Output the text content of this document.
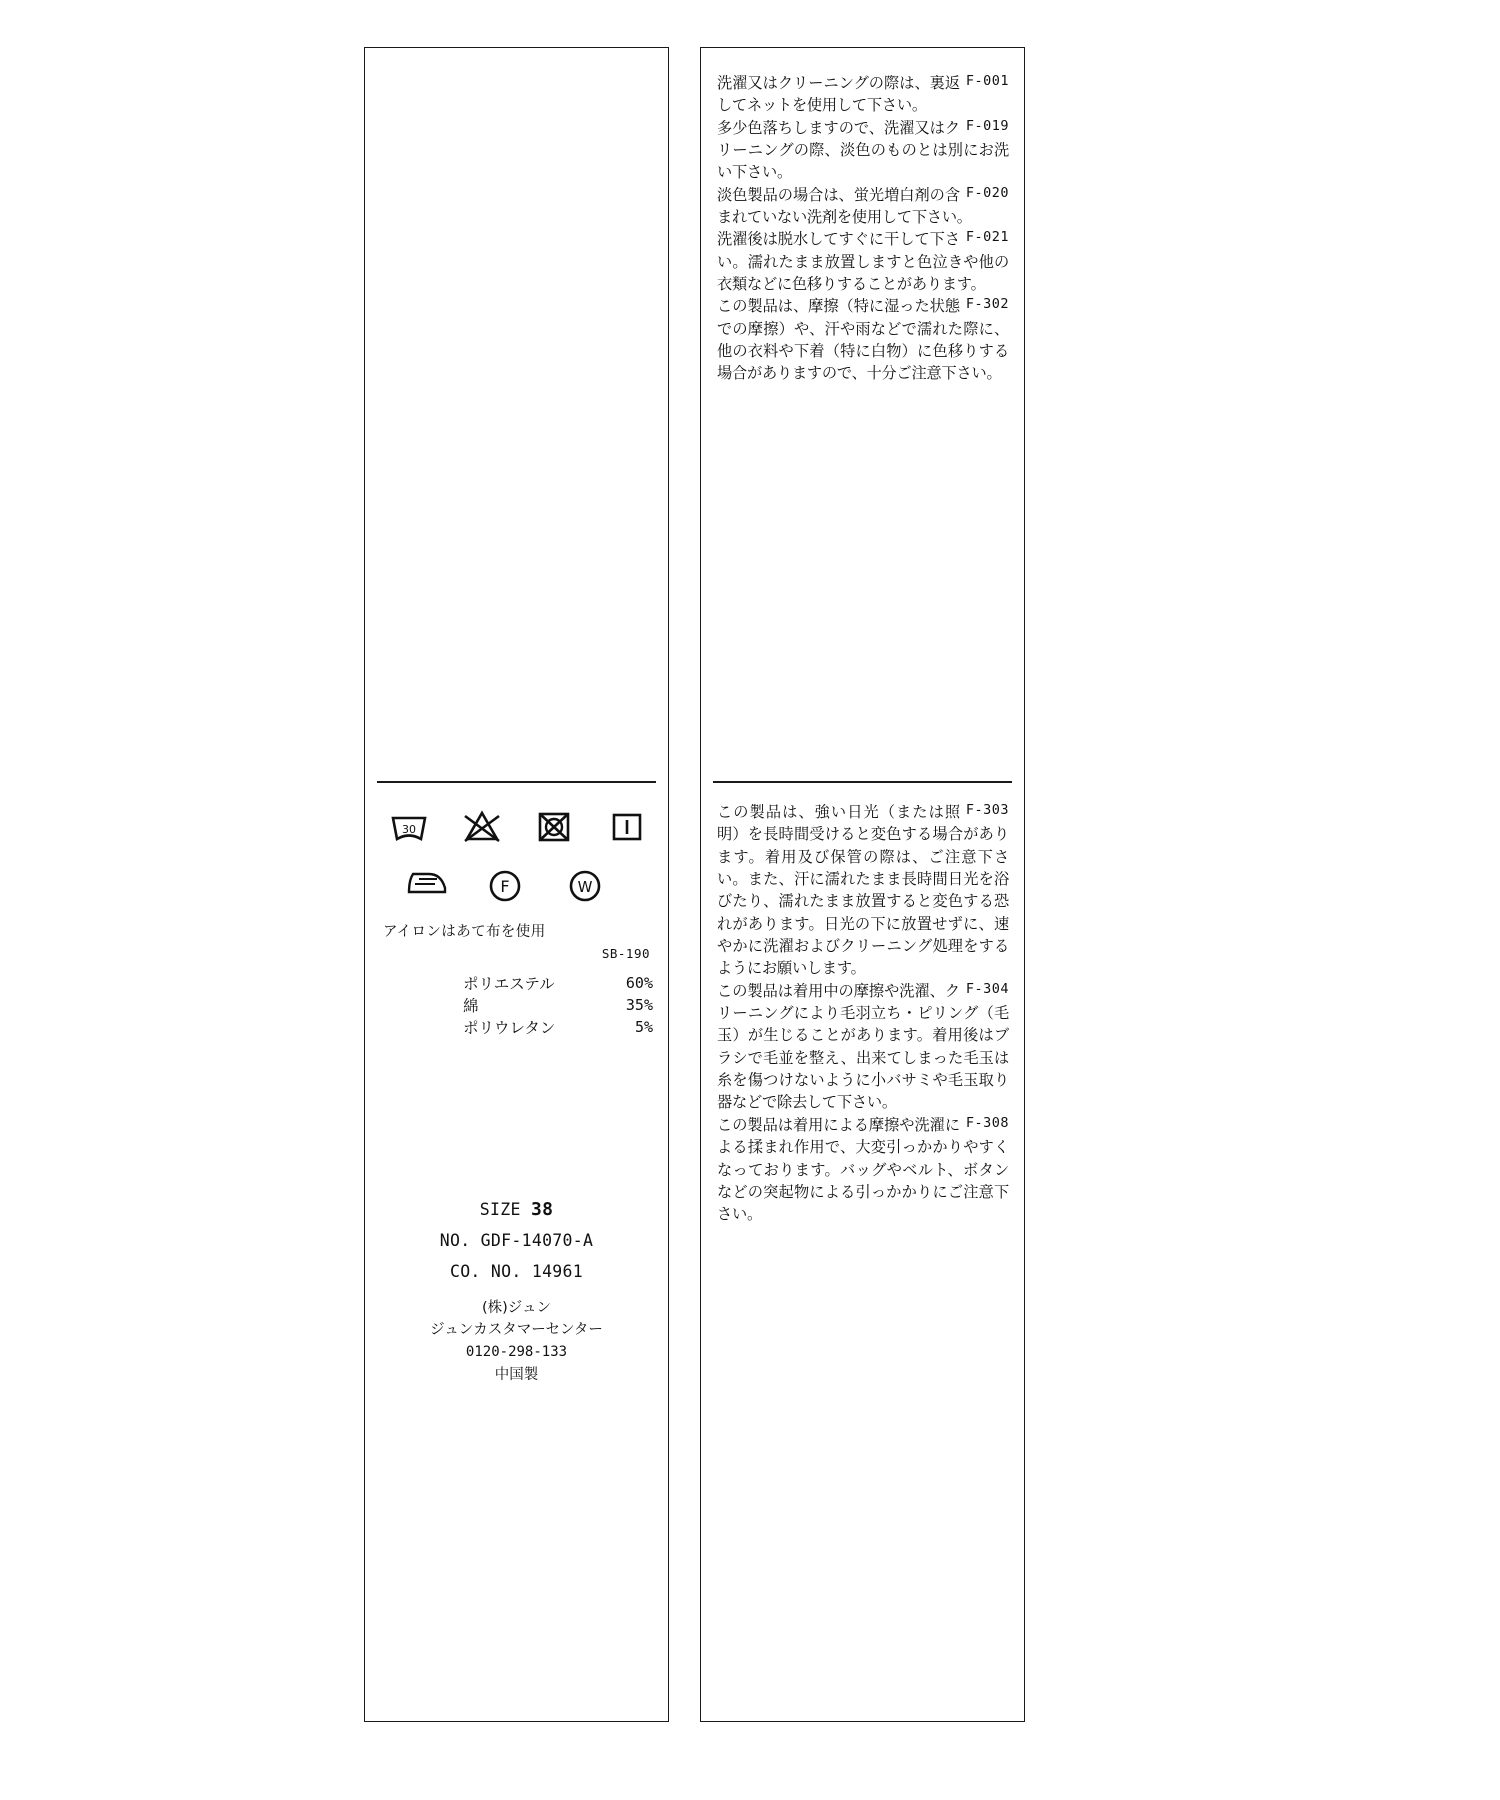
30
F	W
アイロンはあて布を使用
SB-190
ポリエステル	60%
綿	35%
ポリウレタン	5%
SIZE 38
NO. GDF-14070-A
CO. NO. 14961
(株)ジュン
ジュンカスタマーセンター
0120-298-133
中国製

F-001
洗濯又はクリーニングの際は、裏返してネットを使用して下さい。

F-019
多少色落ちしますので、洗濯又はクリーニングの際、淡色のものとは別にお洗い下さい。

F-020
淡色製品の場合は、蛍光増白剤の含まれていない洗剤を使用して下さい。

F-021
洗濯後は脱水してすぐに干して下さい。濡れたまま放置しますと色泣きや他の衣類などに色移りすることがあります。

F-302
この製品は、摩擦（特に湿った状態での摩擦）や、汗や雨などで濡れた際に、他の衣料や下着（特に白物）に色移りする場合がありますので、十分ご注意下さい。

F-303
この製品は、強い日光（または照明）を長時間受けると変色する場合があります。着用及び保管の際は、ご注意下さい。また、汗に濡れたまま長時間日光を浴びたり、濡れたまま放置すると変色する恐れがあります。日光の下に放置せずに、速やかに洗濯およびクリーニング処理をするようにお願いします。

F-304
この製品は着用中の摩擦や洗濯、クリーニングにより毛羽立ち・ピリング（毛玉）が生じることがあります。着用後はブラシで毛並を整え、出来てしまった毛玉は糸を傷つけないように小バサミや毛玉取り器などで除去して下さい。

F-308
この製品は着用による摩擦や洗濯による揉まれ作用で、大変引っかかりやすくなっております。バッグやベルト、ボタンなどの突起物による引っかかりにご注意下さい。
